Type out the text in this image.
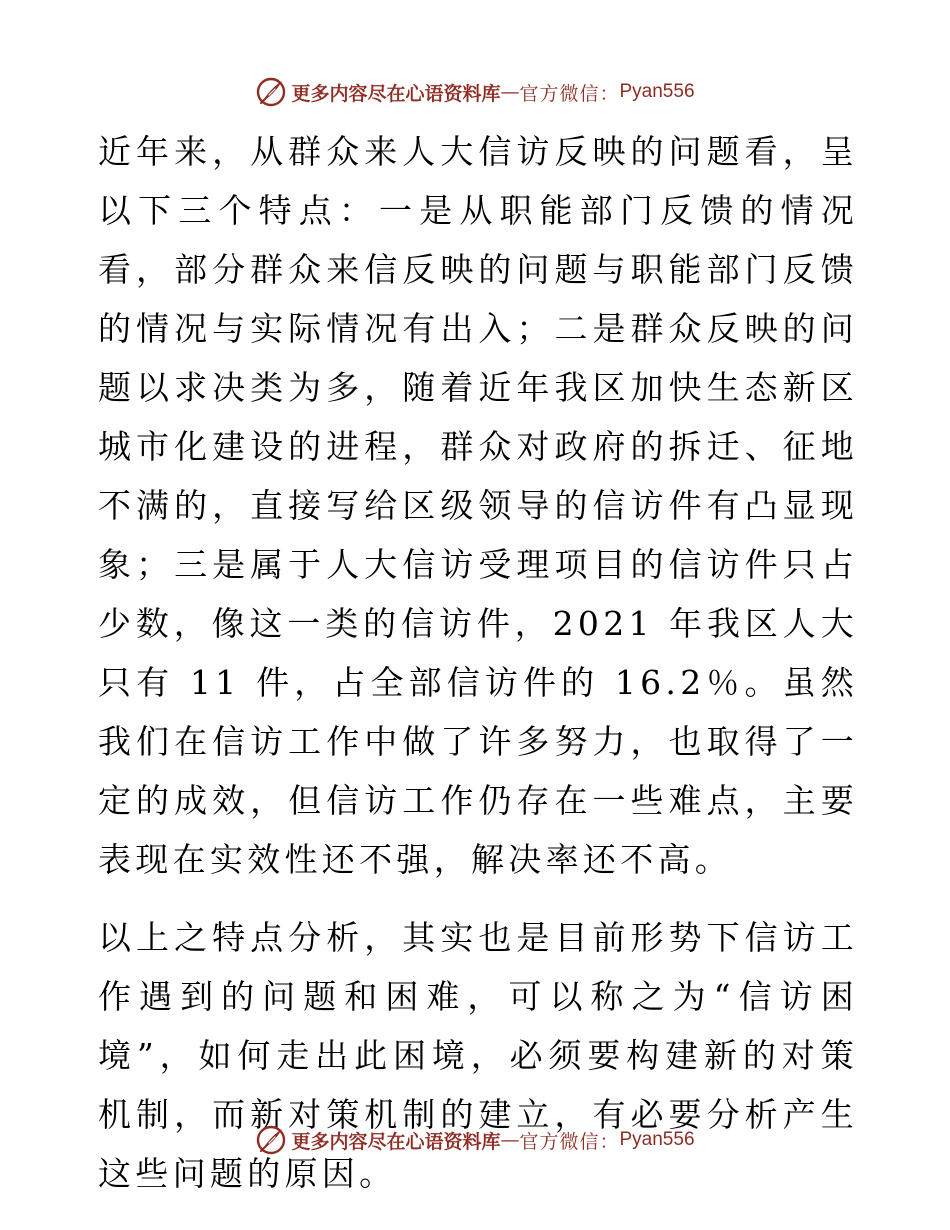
更多内容尽在心语资料库 — 官方微信： Pyan556

近年来，从群众来人大信访反映的问题看，呈以下三个特点：一是从职能部门反馈的情况看，部分群众来信反映的问题与职能部门反馈的情况与实际情况有出入；二是群众反映的问题以求决类为多，随着近年我区加快生态新区城市化建设的进程，群众对政府的拆迁、征地不满的，直接写给区级领导的信访件有凸显现象；三是属于人大信访受理项目的信访件只占少数，像这一类的信访件，2021 年我区人大只有 11 件，占全部信访件的 16.2％。虽然我们在信访工作中做了许多努力，也取得了一定的成效，但信访工作仍存在一些难点，主要表现在实效性还不强，解决率还不高。

以上之特点分析，其实也是目前形势下信访工作遇到的问题和困难，可以称之为“信访困境”，如何走出此困境，必须要构建新的对策机制，而新对策机制的建立，有必要分析产生这些问题的原因。

更多内容尽在心语资料库 — 官方微信： Pyan556
